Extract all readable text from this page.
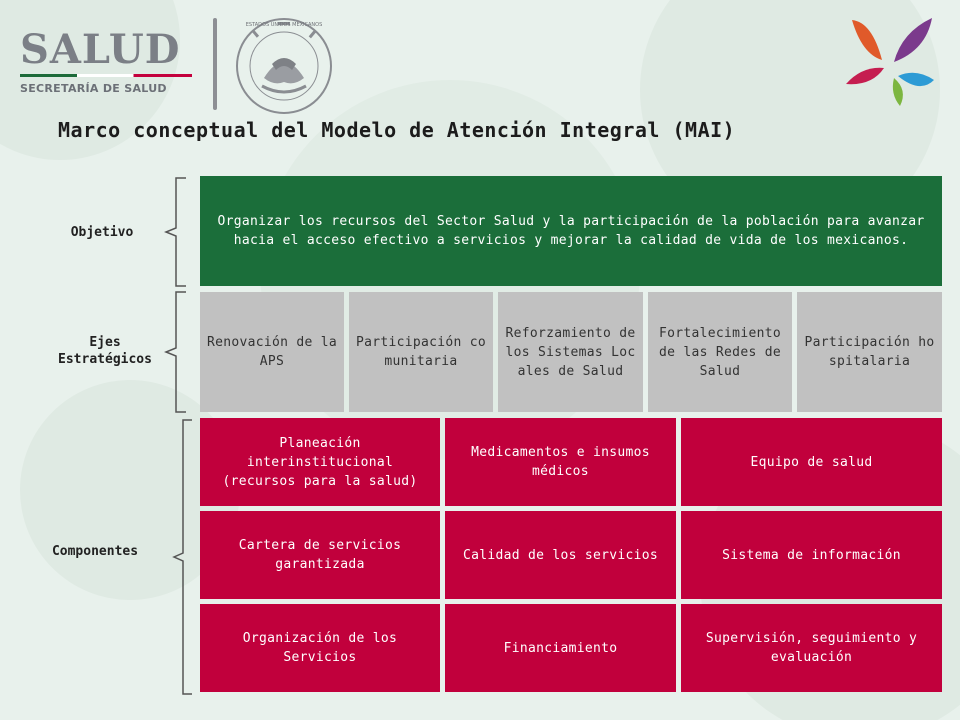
SALUD
SECRETARÍA DE SALUD
ESTADOS UNIDOS MEXICANOS
Marco conceptual del Modelo de Atención Integral (MAI)
Objetivo
Ejes Estratégicos
Componentes
Organizar los recursos del Sector Salud y la participación de la población para avanzar hacia el acceso efectivo a servicios y mejorar la calidad de vida de los mexicanos.
Renovación de la APS
Participación comunitaria
Reforzamiento de los Sistemas Locales de Salud
Fortalecimiento de las Redes de Salud
Participación hospitalaria
Planeación interinstitucional (recursos para la salud)
Medicamentos e insumos médicos
Equipo de salud
Cartera de servicios garantizada
Calidad de los servicios	Sistema de información
Organización de los Servicios
Financiamiento
Supervisión, seguimiento y evaluación
